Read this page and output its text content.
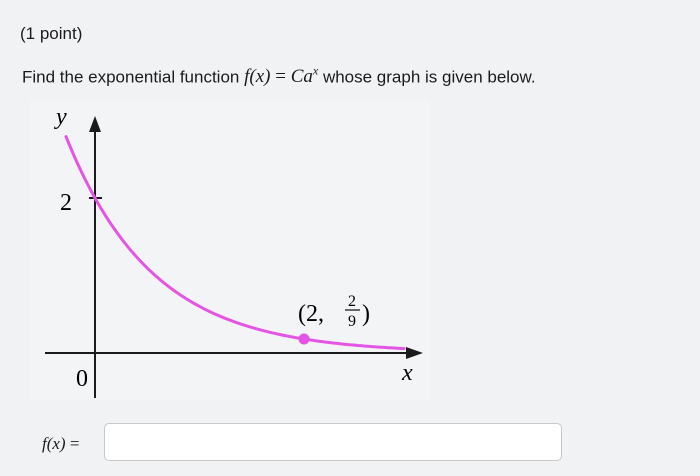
(1 point)
Find the exponential function $f(x) = Ca^x$ whose graph is given below.
y
x
2
0
(2, 2
9 )
f(x) =
